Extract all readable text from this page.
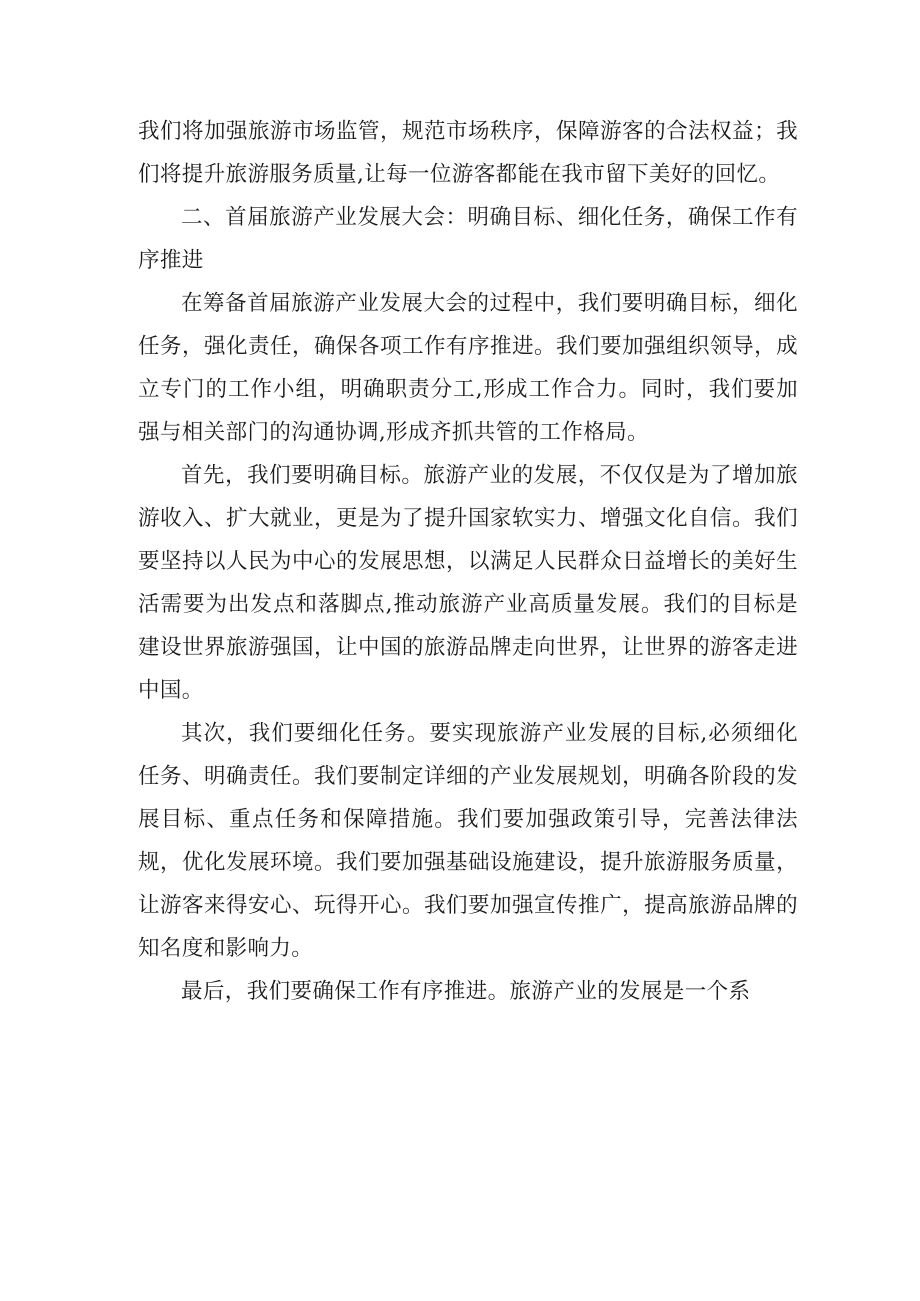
我们将加强旅游市场监管，规范市场秩序，保障游客的合法权益；我们将提升旅游服务质量,让每一位游客都能在我市留下美好的回忆。

二、首届旅游产业发展大会：明确目标、细化任务，确保工作有序推进

在筹备首届旅游产业发展大会的过程中，我们要明确目标，细化任务，强化责任，确保各项工作有序推进。我们要加强组织领导，成立专门的工作小组，明确职责分工,形成工作合力。同时，我们要加强与相关部门的沟通协调,形成齐抓共管的工作格局。

首先，我们要明确目标。旅游产业的发展，不仅仅是为了增加旅游收入、扩大就业，更是为了提升国家软实力、增强文化自信。我们要坚持以人民为中心的发展思想，以满足人民群众日益增长的美好生活需要为出发点和落脚点,推动旅游产业高质量发展。我们的目标是建设世界旅游强国，让中国的旅游品牌走向世界，让世界的游客走进中国。

其次，我们要细化任务。要实现旅游产业发展的目标,必须细化任务、明确责任。我们要制定详细的产业发展规划，明确各阶段的发展目标、重点任务和保障措施。我们要加强政策引导，完善法律法规，优化发展环境。我们要加强基础设施建设，提升旅游服务质量，让游客来得安心、玩得开心。我们要加强宣传推广，提高旅游品牌的知名度和影响力。

最后，我们要确保工作有序推进。旅游产业的发展是一个系
